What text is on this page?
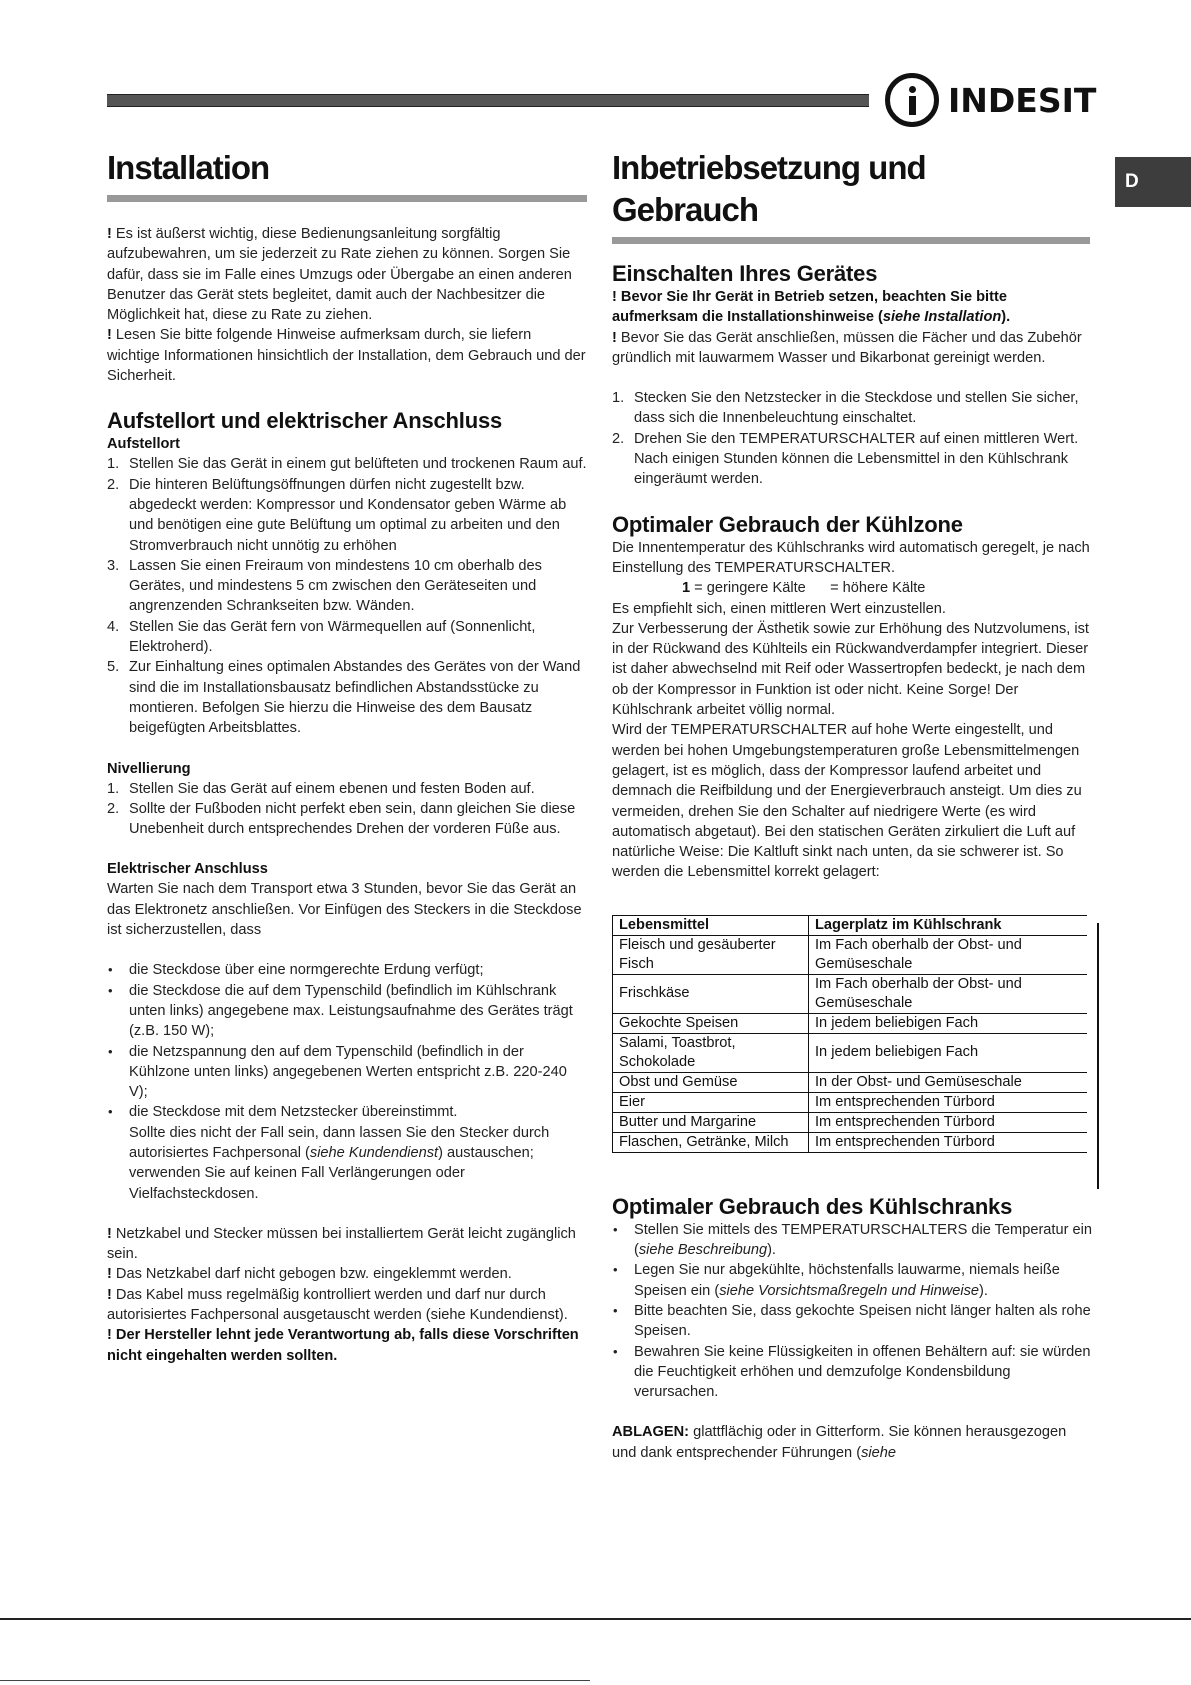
INDESIT
D
Installation

! Es ist äußerst wichtig, diese Bedienungsanleitung sorgfältig aufzubewahren, um sie jederzeit zu Rate ziehen zu können. Sorgen Sie dafür, dass sie im Falle eines Umzugs oder Übergabe an einen anderen Benutzer das Gerät stets begleitet, damit auch der Nachbesitzer die Möglichkeit hat, diese zu Rate zu ziehen.

! Lesen Sie bitte folgende Hinweise aufmerksam durch, sie liefern wichtige Informationen hinsichtlich der Installation, dem Gebrauch und der Sicherheit.

Aufstellort und elektrischer Anschluss
Aufstellort
1. Stellen Sie das Gerät in einem gut belüfteten und trockenen Raum auf.
2. Die hinteren Belüftungsöffnungen dürfen nicht zugestellt bzw. abgedeckt werden: Kompressor und Kondensator geben Wärme ab und benötigen eine gute Belüftung um optimal zu arbeiten und den Stromverbrauch nicht unnötig zu erhöhen
3. Lassen Sie einen Freiraum von mindestens 10 cm oberhalb des Gerätes, und mindestens 5 cm zwischen den Geräteseiten und angrenzenden Schrankseiten bzw. Wänden.
4. Stellen Sie das Gerät fern von Wärmequellen auf (Sonnenlicht, Elektroherd).
5. Zur Einhaltung eines optimalen Abstandes des Gerätes von der Wand sind die im Installationsbausatz befindlichen Abstandsstücke zu montieren. Befolgen Sie hierzu die Hinweise des dem Bausatz beigefügten Arbeitsblattes.
Nivellierung
1. Stellen Sie das Gerät auf einem ebenen und festen Boden auf.
2. Sollte der Fußboden nicht perfekt eben sein, dann gleichen Sie diese Unebenheit durch entsprechendes Drehen der vorderen Füße aus.
Elektrischer Anschluss

Warten Sie nach dem Transport etwa 3 Stunden, bevor Sie das Gerät an das Elektronetz anschließen. Vor Einfügen des Steckers in die Steckdose ist sicherzustellen, dass

• die Steckdose über eine normgerechte Erdung verfügt;
• die Steckdose die auf dem Typenschild (befindlich im Kühlschrank unten links) angegebene max. Leistungsaufnahme des Gerätes trägt (z.B. 150 W);
• die Netzspannung den auf dem Typenschild (befindlich in der Kühlzone unten links) angegebenen Werten entspricht z.B. 220-240 V);
• die Steckdose mit dem Netzstecker übereinstimmt.

Sollte dies nicht der Fall sein, dann lassen Sie den Stecker durch autorisiertes Fachpersonal (siehe Kundendienst) austauschen; verwenden Sie auf keinen Fall Verlängerungen oder Vielfachsteckdosen.

! Netzkabel und Stecker müssen bei installiertem Gerät leicht zugänglich sein.

! Das Netzkabel darf nicht gebogen bzw. eingeklemmt werden.

! Das Kabel muss regelmäßig kontrolliert werden und darf nur durch autorisiertes Fachpersonal ausgetauscht werden (siehe Kundendienst).

! Der Hersteller lehnt jede Verantwortung ab, falls diese Vorschriften nicht eingehalten werden sollten.

Inbetriebsetzung und
Gebrauch
Einschalten Ihres Gerätes

! Bevor Sie Ihr Gerät in Betrieb setzen, beachten Sie bitte aufmerksam die Installationshinweise (siehe Installation).

! Bevor Sie das Gerät anschließen, müssen die Fächer und das Zubehör gründlich mit lauwarmem Wasser und Bikarbonat gereinigt werden.

1. Stecken Sie den Netzstecker in die Steckdose und stellen Sie sicher, dass sich die Innenbeleuchtung einschaltet.
2. Drehen Sie den TEMPERATURSCHALTER auf einen mittleren Wert. Nach einigen Stunden können die Lebensmittel in den Kühlschrank eingeräumt werden.
Optimaler Gebrauch der Kühlzone

Die Innentemperatur des Kühlschranks wird automatisch geregelt, je nach Einstellung des TEMPERATURSCHALTER.

1 = geringere Kälte      = höhere Kälte

Es empfiehlt sich, einen mittleren Wert einzustellen.

Zur Verbesserung der Ästhetik sowie zur Erhöhung des Nutzvolumens, ist in der Rückwand des Kühlteils ein Rückwandverdampfer integriert. Dieser ist daher abwechselnd mit Reif oder Wassertropfen bedeckt, je nach dem ob der Kompressor in Funktion ist oder nicht. Keine Sorge! Der Kühlschrank arbeitet völlig normal.

Wird der TEMPERATURSCHALTER auf hohe Werte eingestellt, und werden bei hohen Umgebungstemperaturen große Lebensmittelmengen gelagert, ist es möglich, dass der Kompressor laufend arbeitet und demnach die Reifbildung und der Energieverbrauch ansteigt. Um dies zu vermeiden, drehen Sie den Schalter auf niedrigere Werte (es wird automatisch abgetaut). Bei den statischen Geräten zirkuliert die Luft auf natürliche Weise: Die Kaltluft sinkt nach unten, da sie schwerer ist. So werden die Lebensmittel korrekt gelagert:

Lebensmittel	Lagerplatz im Kühlschrank
Fleisch und gesäuberter Fisch	Im Fach oberhalb der Obst- und Gemüseschale
Frischkäse	Im Fach oberhalb der Obst- und Gemüseschale
Gekochte Speisen	In jedem beliebigen Fach
Salami, Toastbrot, Schokolade	In jedem beliebigen Fach
Obst und Gemüse	In der Obst- und Gemüseschale
Eier	Im entsprechenden Türbord
Butter und Margarine	Im entsprechenden Türbord
Flaschen, Getränke, Milch	Im entsprechenden Türbord
Optimaler Gebrauch des Kühlschranks
• Stellen Sie mittels des TEMPERATURSCHALTERS die Temperatur ein (siehe Beschreibung).
• Legen Sie nur abgekühlte, höchstenfalls lauwarme, niemals heiße Speisen ein (siehe Vorsichtsmaßregeln und Hinweise).
• Bitte beachten Sie, dass gekochte Speisen nicht länger halten als rohe Speisen.
• Bewahren Sie keine Flüssigkeiten in offenen Behältern auf: sie würden die Feuchtigkeit erhöhen und demzufolge Kondensbildung verursachen.

ABLAGEN: glattflächig oder in Gitterform. Sie können herausgezogen und dank entsprechender Führungen (siehe
